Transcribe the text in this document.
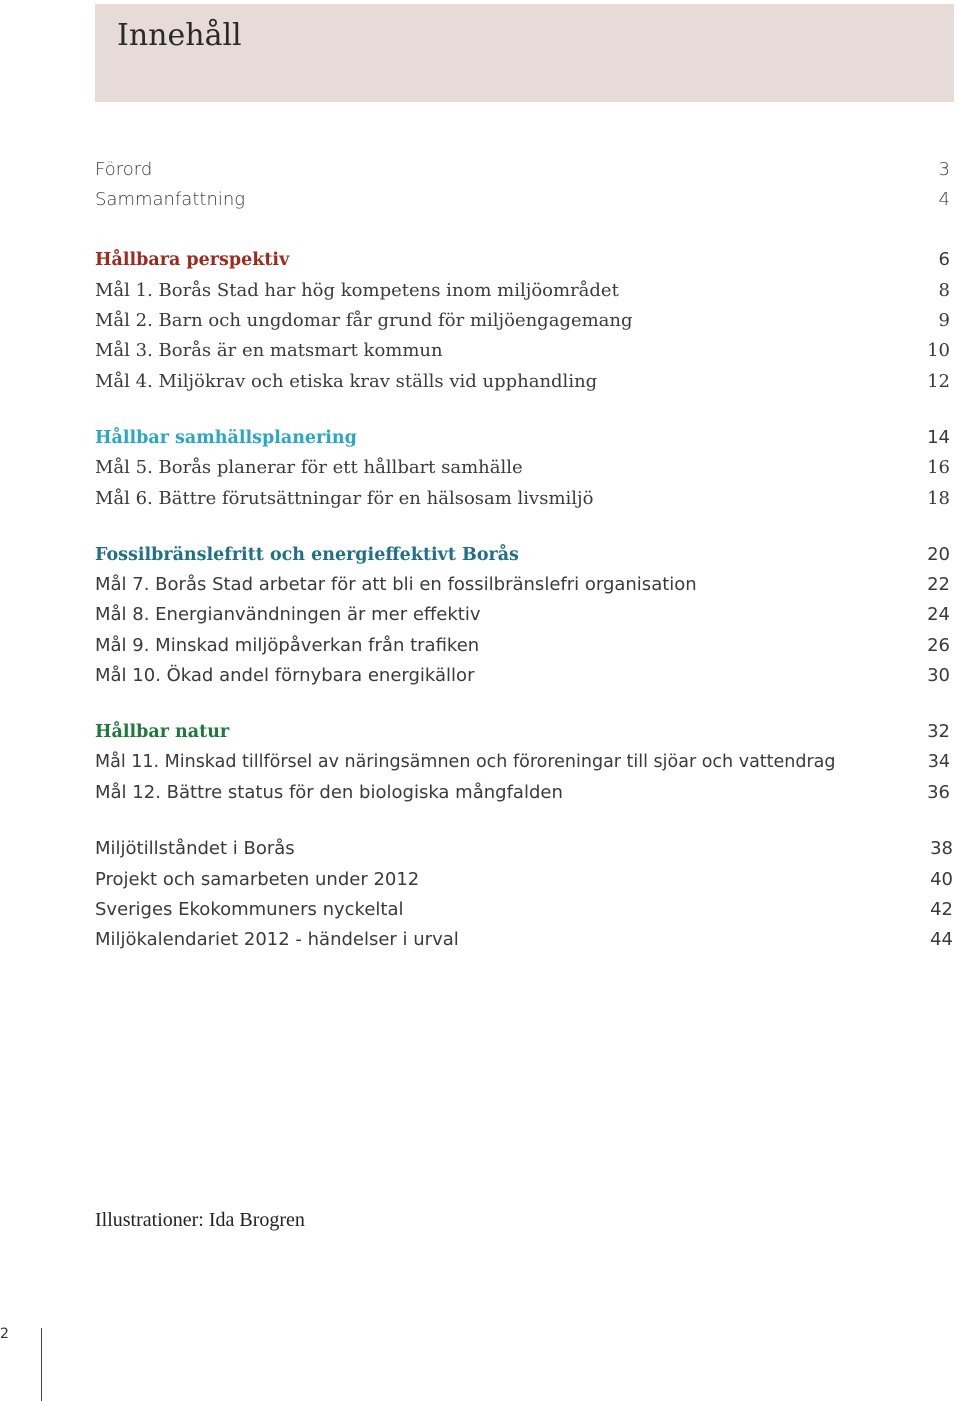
Innehåll
Förord	3
Sammanfattning	4
Hållbara perspektiv	6
Mål 1. Borås Stad har hög kompetens inom miljöområdet	8
Mål 2. Barn och ungdomar får grund för miljöengagemang	9
Mål 3. Borås är en matsmart kommun	10
Mål 4. Miljökrav och etiska krav ställs vid upphandling	12
Hållbar samhällsplanering	14
Mål 5. Borås planerar för ett hållbart samhälle	16
Mål 6. Bättre förutsättningar för en hälsosam livsmiljö	18
Fossilbränslefritt och energieffektivt Borås	20
Mål 7. Borås Stad arbetar för att bli en fossilbränslefri organisation	22
Mål 8. Energianvändningen är mer effektiv	24
Mål 9. Minskad miljöpåverkan från trafiken	26
Mål 10. Ökad andel förnybara energikällor	30
Hållbar natur	32
Mål 11. Minskad tillförsel av näringsämnen och föroreningar till sjöar och vattendrag	34
Mål 12. Bättre status för den biologiska mångfalden	36
Miljötillståndet i Borås	38
Projekt och samarbeten under 2012	40
Sveriges Ekokommuners nyckeltal	42
Miljökalendariet 2012 - händelser i urval	44

Illustrationer: Ida Brogren

2
